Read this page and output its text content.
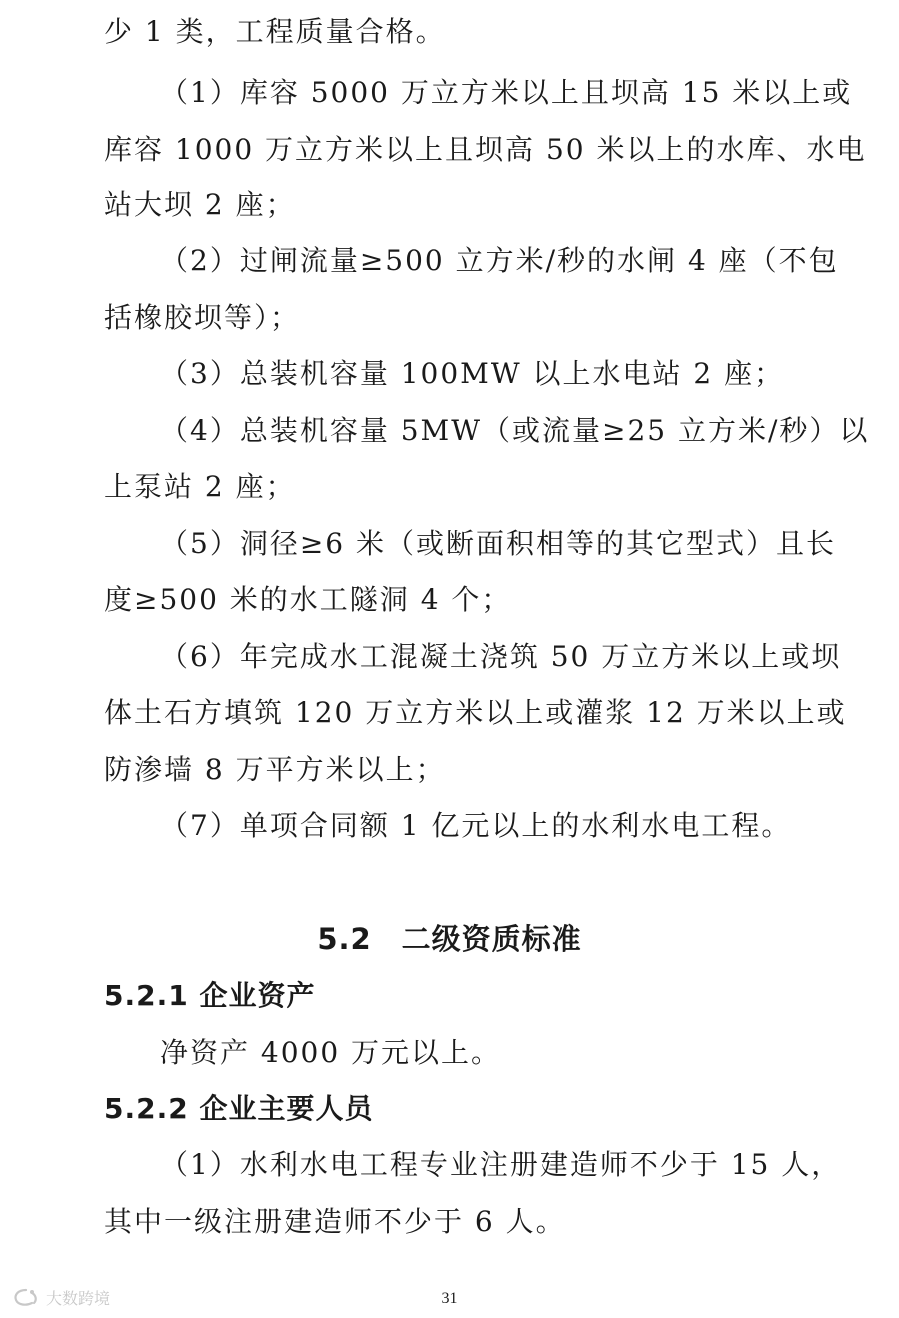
少 1 类，工程质量合格。
（1）库容 5000 万立方米以上且坝高 15 米以上或
库容 1000 万立方米以上且坝高 50 米以上的水库、水电
站大坝 2 座；
（2）过闸流量≥500 立方米/秒的水闸 4 座（不包
括橡胶坝等）；
（3）总装机容量 100MW 以上水电站 2 座；
（4）总装机容量 5MW（或流量≥25 立方米/秒）以
上泵站 2 座；
（5）洞径≥6 米（或断面积相等的其它型式）且长
度≥500 米的水工隧洞 4 个；
（6）年完成水工混凝土浇筑 50 万立方米以上或坝
体土石方填筑 120 万立方米以上或灌浆 12 万米以上或
防渗墙 8 万平方米以上；
（7）单项合同额 1 亿元以上的水利水电工程。
5.2　二级资质标准
5.2.1 企业资产
净资产 4000 万元以上。
5.2.2 企业主要人员
（1）水利水电工程专业注册建造师不少于 15 人，
其中一级注册建造师不少于 6 人。
31
大数跨境
